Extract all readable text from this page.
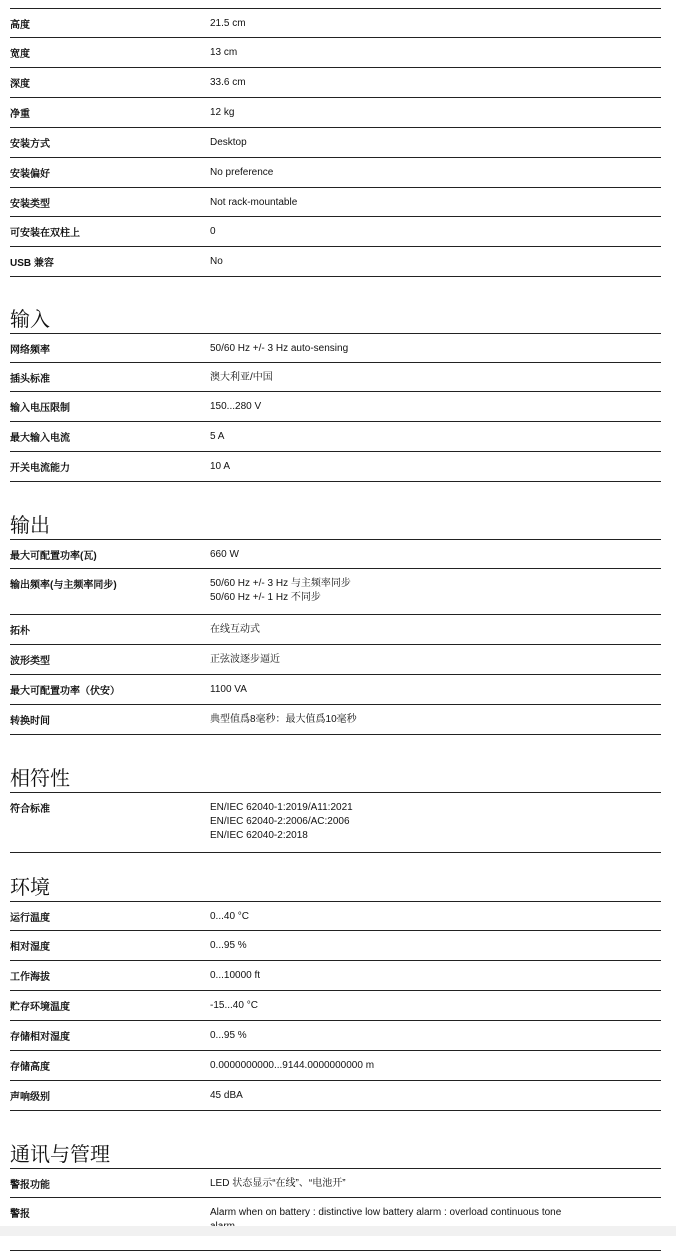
高度	21.5 cm
宽度	13 cm
深度	33.6 cm
净重	12 kg
安装方式	Desktop
安装偏好	No preference
安装类型	Not rack-mountable
可安装在双柱上	0
USB 兼容	No
输入
网络频率	50/60 Hz +/- 3 Hz auto-sensing
插头标准	澳大利亚/中国
输入电压限制	150...280 V
最大输入电流	5 A
开关电流能力	10 A
输出
最大可配置功率(瓦)	660 W
输出频率(与主频率同步)	50/60 Hz +/- 3 Hz 与主频率同步
50/60 Hz +/- 1 Hz 不同步
拓朴	在线互动式
波形类型	正弦波逐步逼近
最大可配置功率（伏安）	1100 VA
转换时间	典型值爲8毫秒：最大值爲10毫秒
相符性
符合标准	EN/IEC 62040-1:2019/A11:2021
EN/IEC 62040-2:2006/AC:2006
EN/IEC 62040-2:2018
环境
运行温度	0...40 °C
相对湿度	0...95 %
工作海拔	0...10000 ft
贮存环境温度	-15...40 °C
存储相对湿度	0...95 %
存储高度	0.0000000000...9144.0000000000 m
声响级别	45 dBA
通讯与管理
警报功能	LED 状态显示“在线”、“电池开”
警报	Alarm when on battery : distinctive low battery alarm : overload continuous tone
